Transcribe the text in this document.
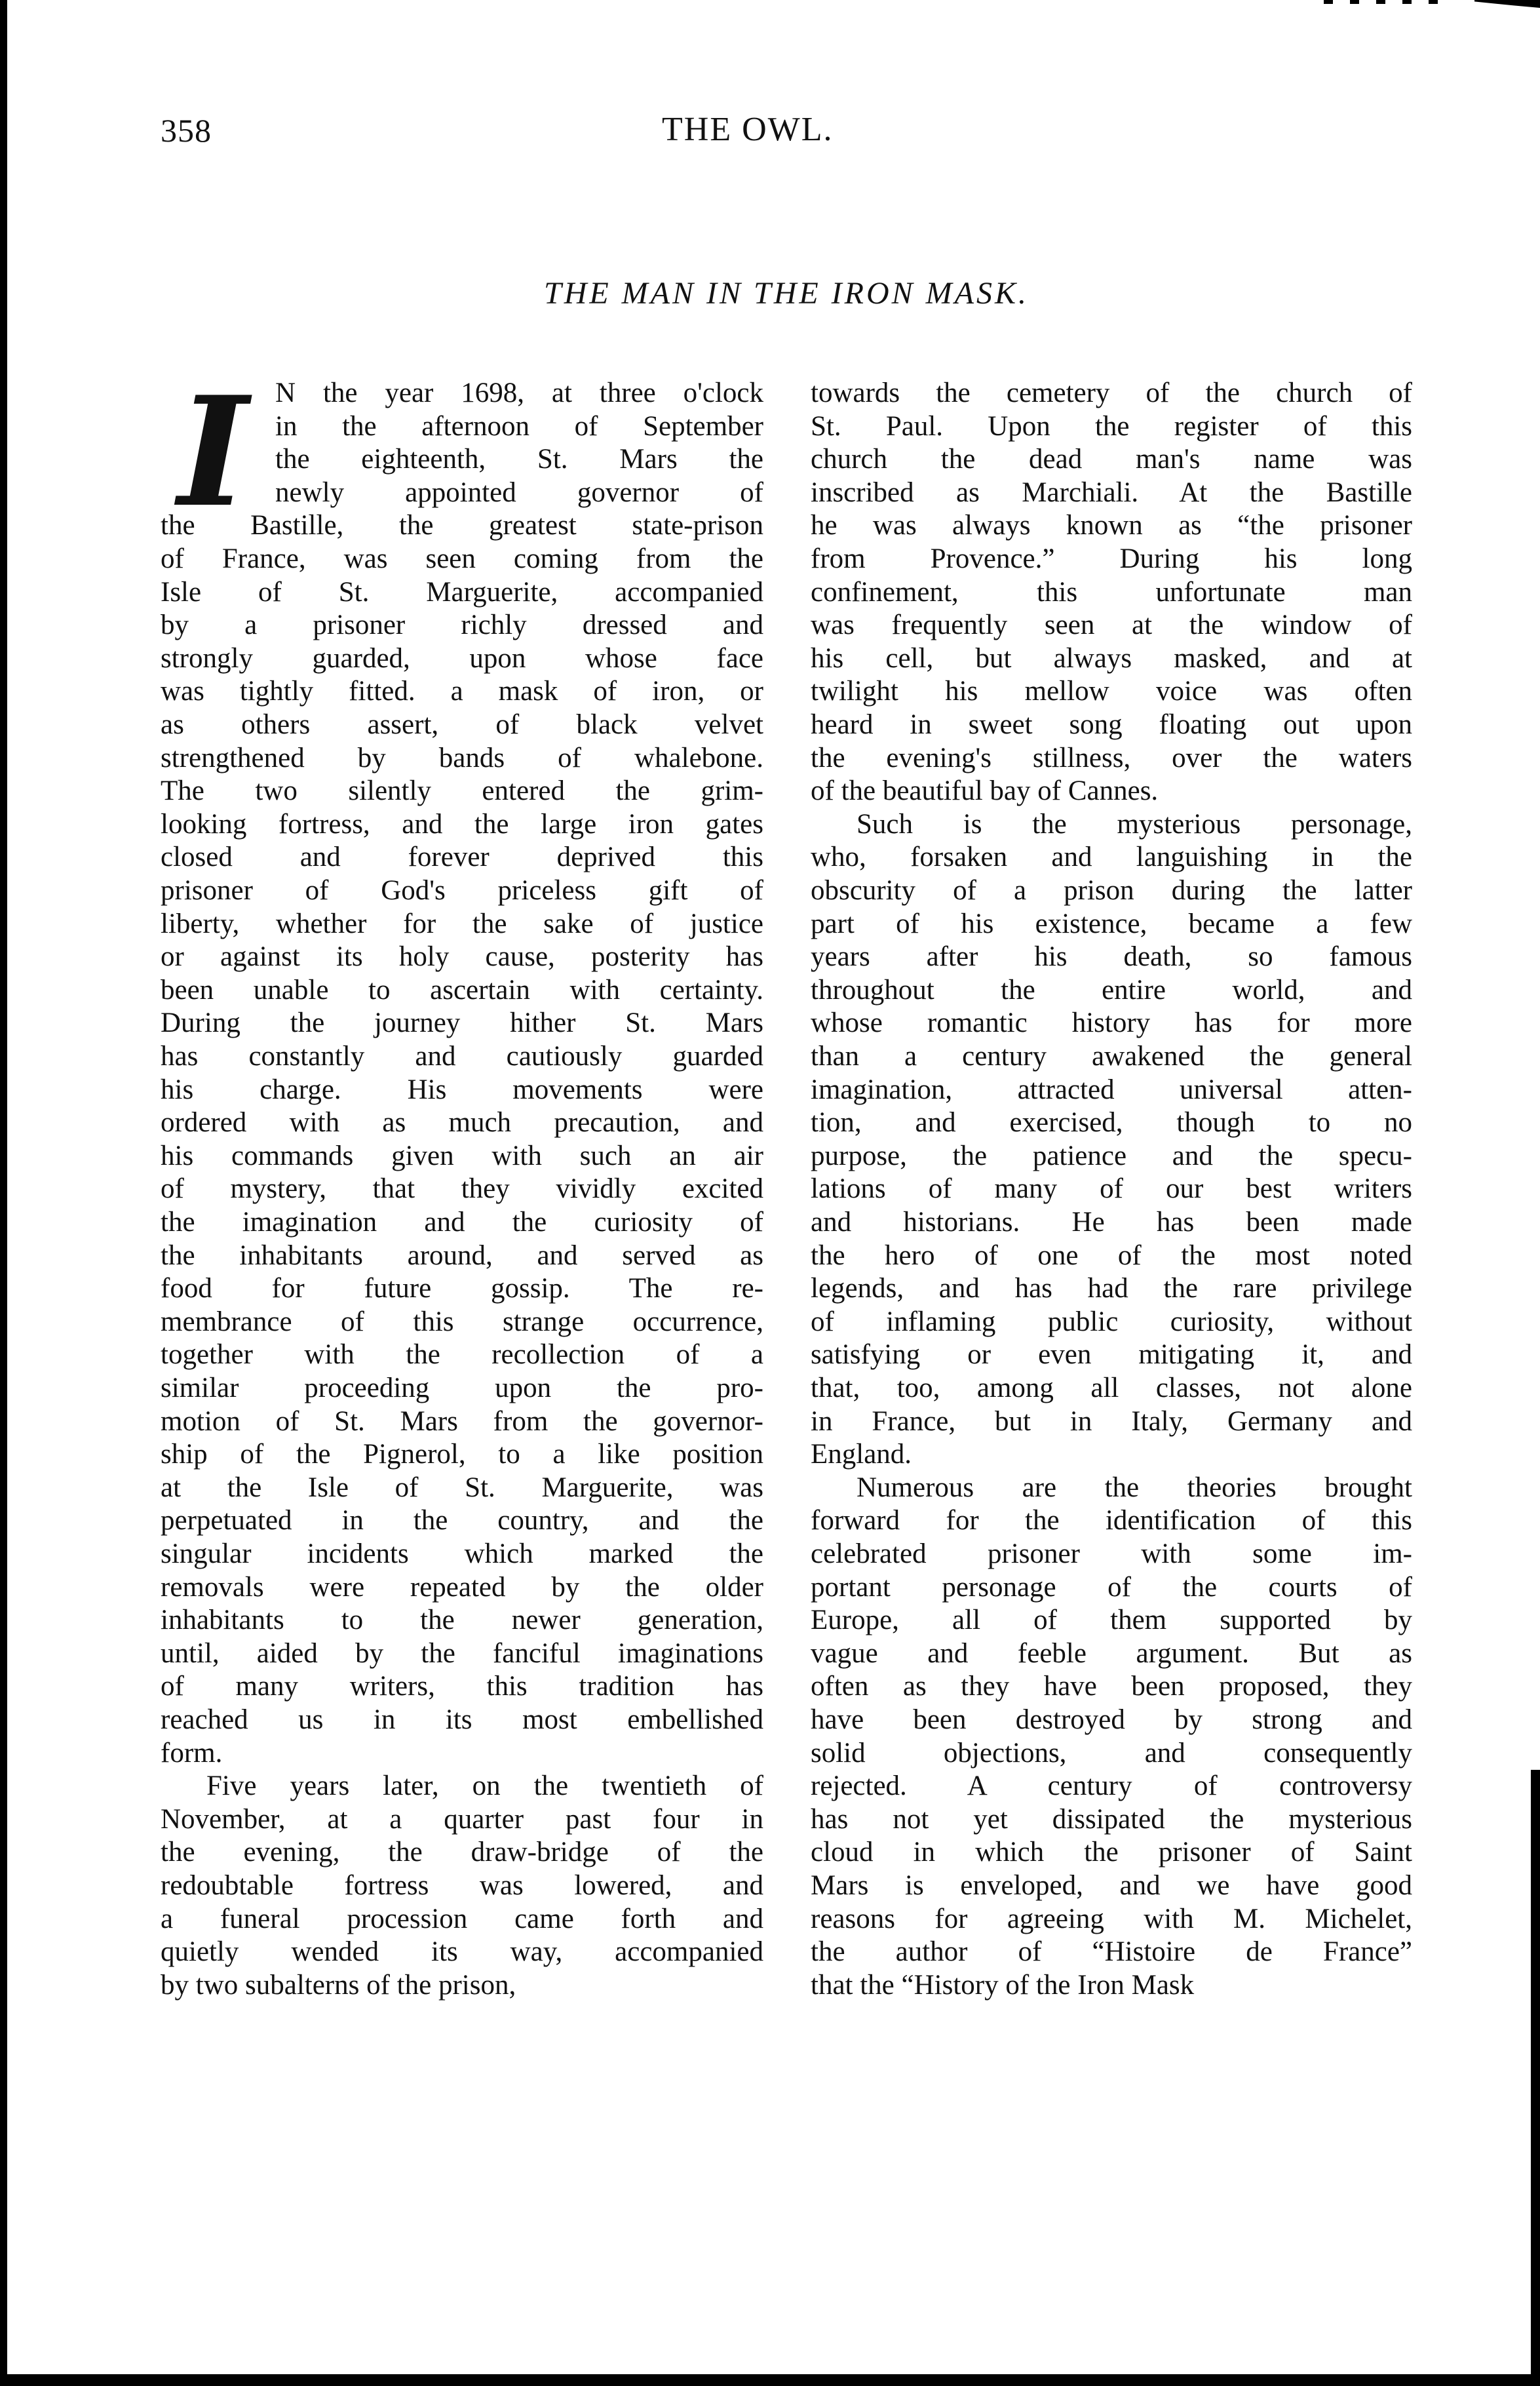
358	THE OWL.
THE MAN IN THE IRON MASK.
I N the year 1698, at three o'clock
in the afternoon of September
the eighteenth, St. Mars the
newly appointed governor of
the Bastille, the greatest state-prison
of France, was seen coming from the
Isle of St. Marguerite, accompanied
by a prisoner richly dressed and
strongly guarded, upon whose face
was tightly fitted. a mask of iron, or
as others assert, of black velvet
strengthened by bands of whalebone.
The two silently entered the grim-
looking fortress, and the large iron gates
closed and forever deprived this
prisoner of God's priceless gift of
liberty, whether for the sake of justice
or against its holy cause, posterity has
been unable to ascertain with certainty.
During the journey hither St. Mars
has constantly and cautiously guarded
his charge. His movements were
ordered with as much precaution, and
his commands given with such an air
of mystery, that they vividly excited
the imagination and the curiosity of
the inhabitants around, and served as
food for future gossip. The re-
membrance of this strange occurrence,
together with the recollection of a
similar proceeding upon the pro-
motion of St. Mars from the governor-
ship of the Pignerol, to a like position
at the Isle of St. Marguerite, was
perpetuated in the country, and the
singular incidents which marked the
removals were repeated by the older
inhabitants to the newer generation,
until, aided by the fanciful imaginations
of many writers, this tradition has
reached us in its most embellished
form.
Five years later, on the twentieth of
November, at a quarter past four in
the evening, the draw-bridge of the
redoubtable fortress was lowered, and
a funeral procession came forth and
quietly wended its way, accompanied
by two subalterns of the prison,
towards the cemetery of the church of
St. Paul. Upon the register of this
church the dead man's name was
inscribed as Marchiali. At the Bastille
he was always known as “the prisoner
from Provence.” During his long
confinement, this unfortunate man
was frequently seen at the window of
his cell, but always masked, and at
twilight his mellow voice was often
heard in sweet song floating out upon
the evening's stillness, over the waters
of the beautiful bay of Cannes.
Such is the mysterious personage,
who, forsaken and languishing in the
obscurity of a prison during the latter
part of his existence, became a few
years after his death, so famous
throughout the entire world, and
whose romantic history has for more
than a century awakened the general
imagination, attracted universal atten-
tion, and exercised, though to no
purpose, the patience and the specu-
lations of many of our best writers
and historians. He has been made
the hero of one of the most noted
legends, and has had the rare privilege
of inflaming public curiosity, without
satisfying or even mitigating it, and
that, too, among all classes, not alone
in France, but in Italy, Germany and
England.
Numerous are the theories brought
forward for the identification of this
celebrated prisoner with some im-
portant personage of the courts of
Europe, all of them supported by
vague and feeble argument. But as
often as they have been proposed, they
have been destroyed by strong and
solid objections, and consequently
rejected. A century of controversy
has not yet dissipated the mysterious
cloud in which the prisoner of Saint
Mars is enveloped, and we have good
reasons for agreeing with M. Michelet,
the author of “Histoire de France”
that the “History of the Iron Mask
